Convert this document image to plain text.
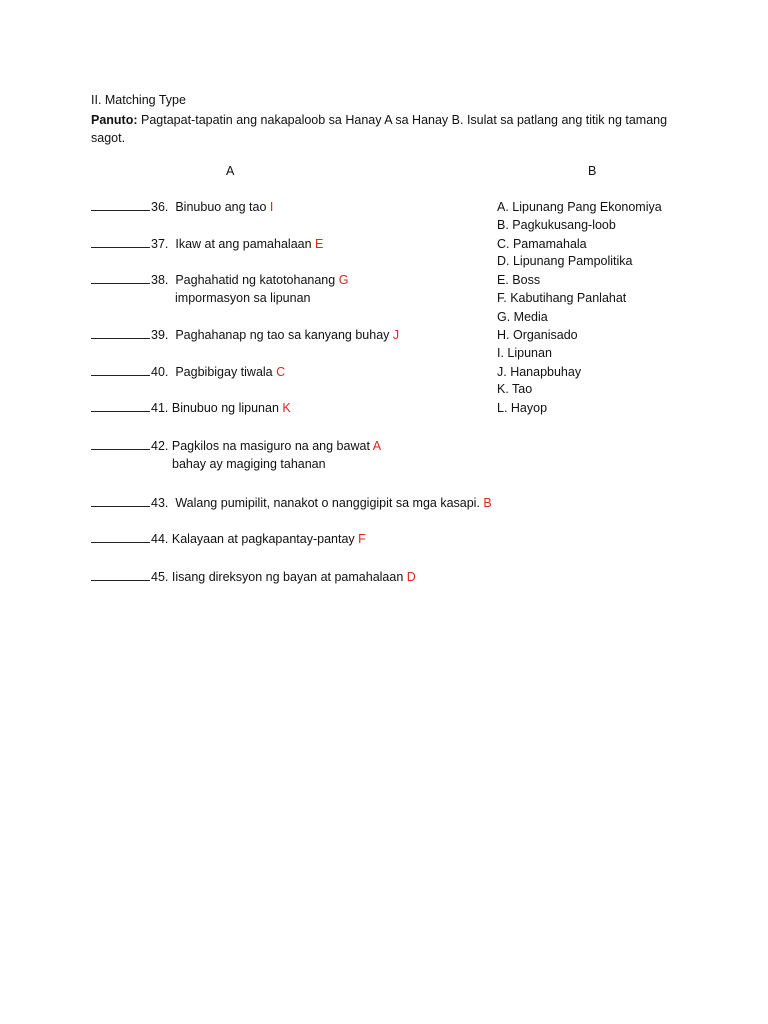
II. Matching Type
Panuto: Pagtapat-tapatin ang nakapaloob sa Hanay A sa Hanay B. Isulat sa patlang ang titik ng tamang sagot.
A	B
36. Binubuo ang tao I
37. Ikaw at ang pamahalaan E
38. Paghahatid ng katotohanang G
impormasyon sa lipunan
39. Paghahanap ng tao sa kanyang buhay J
40. Pagbibigay tiwala C
41. Binubuo ng lipunan K
42. Pagkilos na masiguro na ang bawat A
bahay ay magiging tahanan
43. Walang pumipilit, nanakot o nanggigipit sa mga kasapi. B
44. Kalayaan at pagkapantay-pantay F
45. Iisang direksyon ng bayan at pamahalaan D
A. Lipunang Pang Ekonomiya
B. Pagkukusang-loob
C. Pamamahala
D. Lipunang Pampolitika
E. Boss
F. Kabutihang Panlahat
G. Media
H. Organisado
I. Lipunan
J. Hanapbuhay
K. Tao
L. Hayop
